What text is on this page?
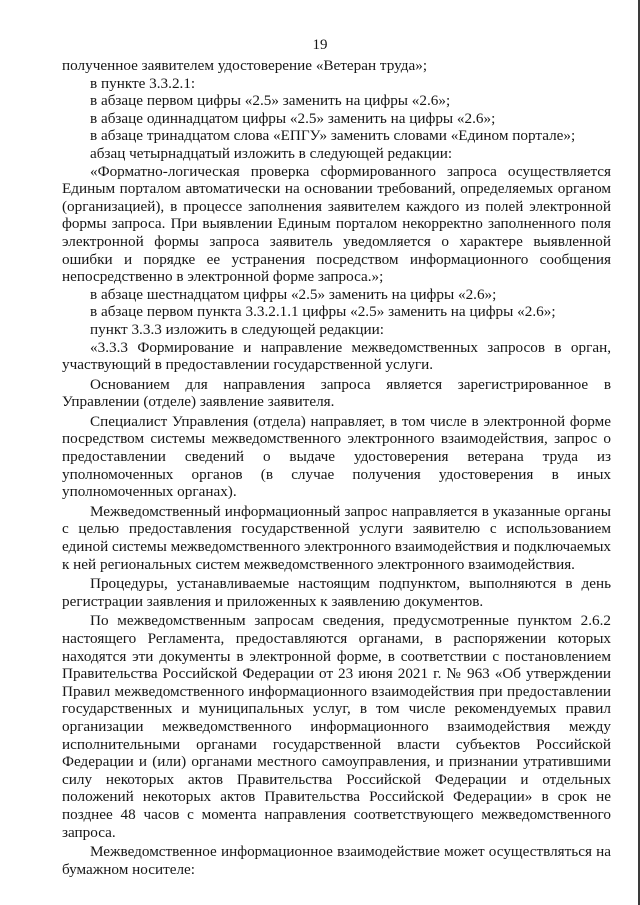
19

полученное заявителем удостоверение «Ветеран труда»;

в пункте 3.3.2.1:

в абзаце первом цифры «2.5» заменить на цифры «2.6»;

в абзаце одиннадцатом цифры «2.5» заменить на цифры «2.6»;

в абзаце тринадцатом слова «ЕПГУ» заменить словами «Едином портале»;

абзац четырнадцатый изложить в следующей редакции:

«Форматно-логическая проверка сформированного запроса осуществляется Единым порталом автоматически на основании требований, определяемых органом (организацией), в процессе заполнения заявителем каждого из полей электронной формы запроса. При выявлении Единым порталом некорректно заполненного поля электронной формы запроса заявитель уведомляется о характере выявленной ошибки и порядке ее устранения посредством информационного сообщения непосредственно в электронной форме запроса.»;

в абзаце шестнадцатом цифры «2.5» заменить на цифры «2.6»;

в абзаце первом пункта 3.3.2.1.1 цифры «2.5» заменить на цифры «2.6»;

пункт 3.3.3 изложить в следующей редакции:

«3.3.3 Формирование и направление межведомственных запросов в орган, участвующий в предоставлении государственной услуги.

Основанием для направления запроса является зарегистрированное в Управлении (отделе) заявление заявителя.

Специалист Управления (отдела) направляет, в том числе в электронной форме посредством системы межведомственного электронного взаимодействия, запрос о предоставлении сведений о выдаче удостоверения ветерана труда из уполномоченных органов (в случае получения удостоверения в иных уполномоченных органах).

Межведомственный информационный запрос направляется в указанные органы с целью предоставления государственной услуги заявителю с использованием единой системы межведомственного электронного взаимодействия и подключаемых к ней региональных систем межведомственного электронного взаимодействия.

Процедуры, устанавливаемые настоящим подпунктом, выполняются в день регистрации заявления и приложенных к заявлению документов.

По межведомственным запросам сведения, предусмотренные пунктом 2.6.2 настоящего Регламента, предоставляются органами, в распоряжении которых находятся эти документы в электронной форме, в соответствии с постановлением Правительства Российской Федерации от 23 июня 2021 г. № 963 «Об утверждении Правил межведомственного информационного взаимодействия при предоставлении государственных и муниципальных услуг, в том числе рекомендуемых правил организации межведомственного информационного взаимодействия между исполнительными органами государственной власти субъектов Российской Федерации и (или) органами местного самоуправления, и признании утратившими силу некоторых актов Правительства Российской Федерации и отдельных положений некоторых актов Правительства Российской Федерации» в срок не позднее 48 часов с момента направления соответствующего межведомственного запроса.

Межведомственное информационное взаимодействие может осуществляться на бумажном носителе:
